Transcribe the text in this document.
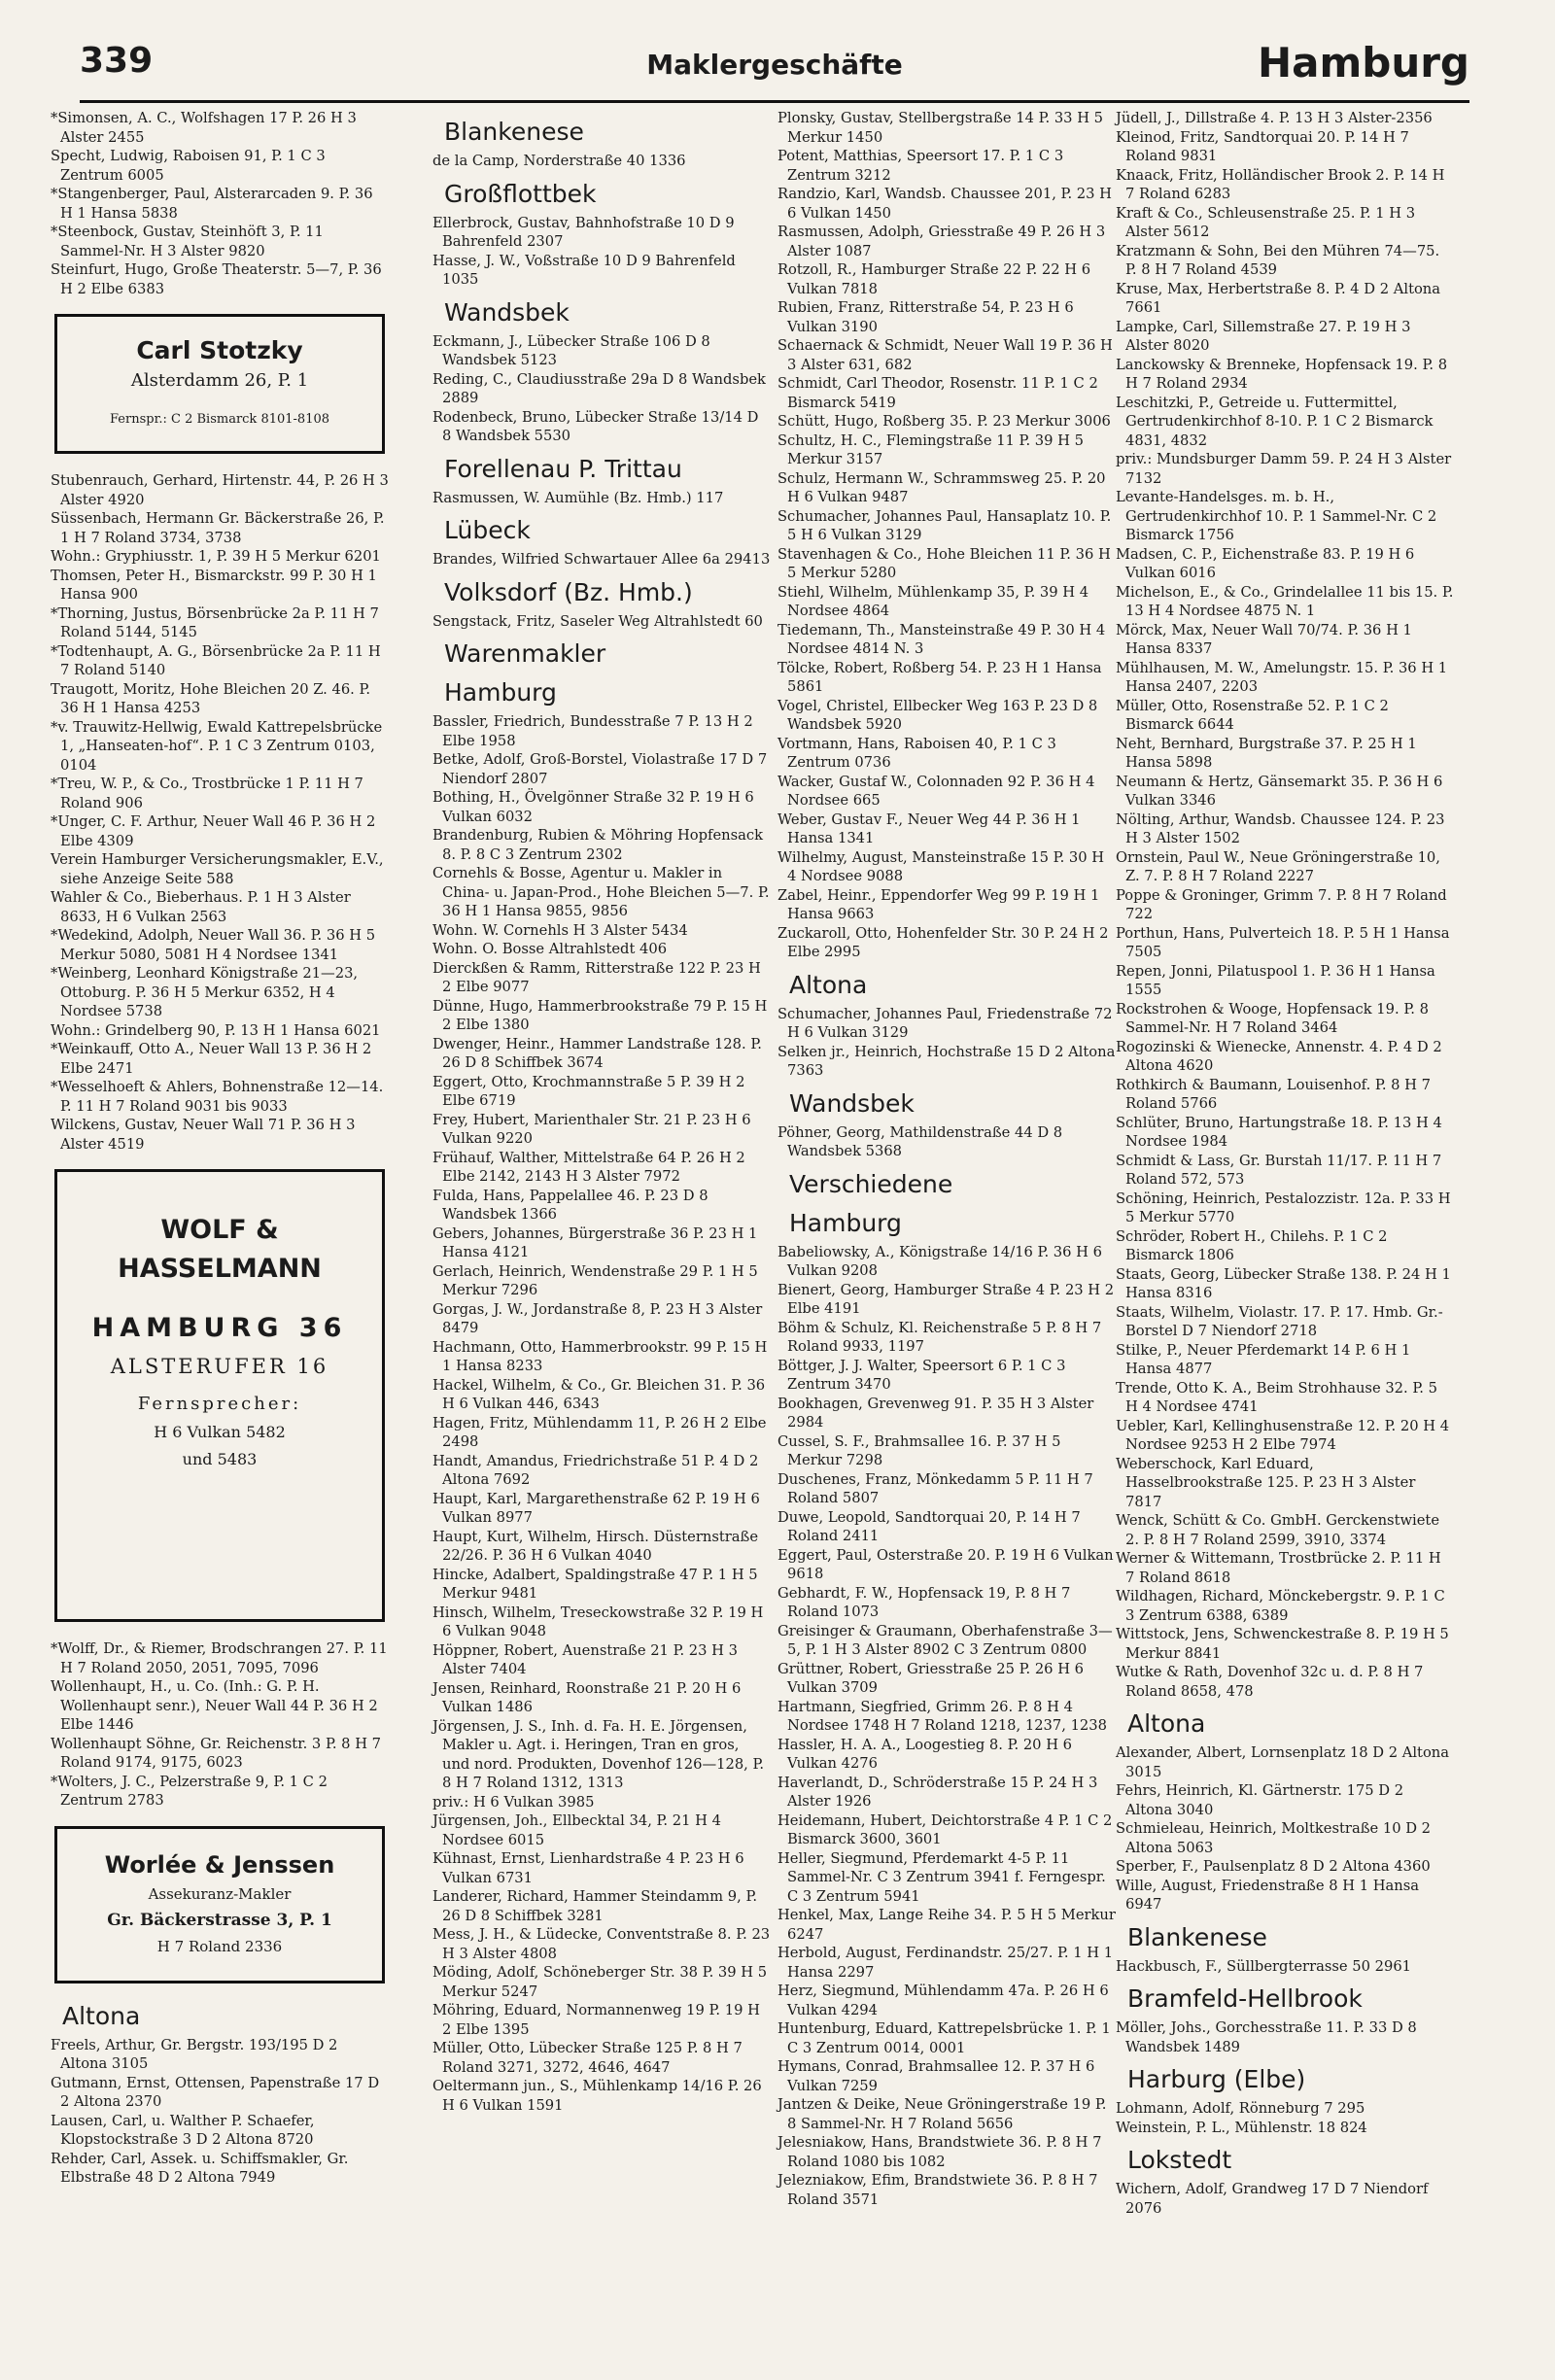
339	Maklergeschäfte	Hamburg
*Simonsen, A. C., Wolfshagen 17 P. 26 H 3 Alster 2455
Specht, Ludwig, Raboisen 91, P. 1 C 3 Zentrum 6005
*Stangenberger, Paul, Alsterarcaden 9. P. 36 H 1 Hansa 5838
*Steenbock, Gustav, Steinhöft 3, P. 11 Sammel-Nr. H 3 Alster 9820
Steinfurt, Hugo, Große Theaterstr. 5—7, P. 36 H 2 Elbe 6383
Carl Stotzky
Alsterdamm 26, P. 1
Fernspr.: C 2 Bismarck 8101-8108
Stubenrauch, Gerhard, Hirtenstr. 44, P. 26 H 3 Alster 4920
Süssenbach, Hermann Gr. Bäckerstraße 26, P. 1 H 7 Roland 3734, 3738
Wohn.: Gryphiusstr. 1, P. 39 H 5 Merkur 6201
Thomsen, Peter H., Bismarckstr. 99 P. 30 H 1 Hansa 900
*Thorning, Justus, Börsenbrücke 2a P. 11 H 7 Roland 5144, 5145
*Todtenhaupt, A. G., Börsenbrücke 2a P. 11 H 7 Roland 5140
Traugott, Moritz, Hohe Bleichen 20 Z. 46. P. 36 H 1 Hansa 4253
*v. Trauwitz-Hellwig, Ewald Kattrepelsbrücke 1, „Hanseaten-hof“. P. 1 C 3 Zentrum 0103, 0104
*Treu, W. P., & Co., Trostbrücke 1 P. 11 H 7 Roland 906
*Unger, C. F. Arthur, Neuer Wall 46 P. 36 H 2 Elbe 4309
Verein Hamburger Versicherungsmakler, E.V., siehe Anzeige Seite 588
Wahler & Co., Bieberhaus. P. 1 H 3 Alster 8633, H 6 Vulkan 2563
*Wedekind, Adolph, Neuer Wall 36. P. 36 H 5 Merkur 5080, 5081 H 4 Nordsee 1341
*Weinberg, Leonhard Königstraße 21—23, Ottoburg. P. 36 H 5 Merkur 6352, H 4 Nordsee 5738
Wohn.: Grindelberg 90, P. 13 H 1 Hansa 6021
*Weinkauff, Otto A., Neuer Wall 13 P. 36 H 2 Elbe 2471
*Wesselhoeft & Ahlers, Bohnenstraße 12—14. P. 11 H 7 Roland 9031 bis 9033
Wilckens, Gustav, Neuer Wall 71 P. 36 H 3 Alster 4519
WOLF & HASSELMANN
HAMBURG 36
ALSTERUFER 16
Fernsprecher:
H 6 Vulkan 5482
und 5483
*Wolff, Dr., & Riemer, Brodschrangen 27. P. 11 H 7 Roland 2050, 2051, 7095, 7096
Wollenhaupt, H., u. Co. (Inh.: G. P. H. Wollenhaupt senr.), Neuer Wall 44 P. 36 H 2 Elbe 1446
Wollenhaupt Söhne, Gr. Reichenstr. 3 P. 8 H 7 Roland 9174, 9175, 6023
*Wolters, J. C., Pelzerstraße 9, P. 1 C 2 Zentrum 2783
Worlée & Jenssen
Assekuranz-Makler
Gr. Bäckerstrasse 3, P. 1
H 7 Roland 2336
Altona
Freels, Arthur, Gr. Bergstr. 193/195 D 2 Altona 3105
Gutmann, Ernst, Ottensen, Papenstraße 17 D 2 Altona 2370
Lausen, Carl, u. Walther P. Schaefer, Klopstockstraße 3 D 2 Altona 8720
Rehder, Carl, Assek. u. Schiffsmakler, Gr. Elbstraße 48 D 2 Altona 7949
Blankenese
de la Camp, Norderstraße 40 1336
Großflottbek
Ellerbrock, Gustav, Bahnhofstraße 10 D 9 Bahrenfeld 2307
Hasse, J. W., Voßstraße 10 D 9 Bahrenfeld 1035
Wandsbek
Eckmann, J., Lübecker Straße 106 D 8 Wandsbek 5123
Reding, C., Claudiusstraße 29a D 8 Wandsbek 2889
Rodenbeck, Bruno, Lübecker Straße 13/14 D 8 Wandsbek 5530
Forellenau P. Trittau
Rasmussen, W. Aumühle (Bz. Hmb.) 117
Lübeck
Brandes, Wilfried Schwartauer Allee 6a 29413
Volksdorf (Bz. Hmb.)
Sengstack, Fritz, Saseler Weg Altrahlstedt 60
Warenmakler
Hamburg
Bassler, Friedrich, Bundesstraße 7 P. 13 H 2 Elbe 1958
Betke, Adolf, Groß-Borstel, Violastraße 17 D 7 Niendorf 2807
Bothing, H., Övelgönner Straße 32 P. 19 H 6 Vulkan 6032
Brandenburg, Rubien & Möhring Hopfensack 8. P. 8 C 3 Zentrum 2302
Cornehls & Bosse, Agentur u. Makler in China- u. Japan-Prod., Hohe Bleichen 5—7. P. 36 H 1 Hansa 9855, 9856
Wohn. W. Cornehls H 3 Alster 5434
Wohn. O. Bosse Altrahlstedt 406
Dierckßen & Ramm, Ritterstraße 122 P. 23 H 2 Elbe 9077
Dünne, Hugo, Hammerbrookstraße 79 P. 15 H 2 Elbe 1380
Dwenger, Heinr., Hammer Landstraße 128. P. 26 D 8 Schiffbek 3674
Eggert, Otto, Krochmannstraße 5 P. 39 H 2 Elbe 6719
Frey, Hubert, Marienthaler Str. 21 P. 23 H 6 Vulkan 9220
Frühauf, Walther, Mittelstraße 64 P. 26 H 2 Elbe 2142, 2143 H 3 Alster 7972
Fulda, Hans, Pappelallee 46. P. 23 D 8 Wandsbek 1366
Gebers, Johannes, Bürgerstraße 36 P. 23 H 1 Hansa 4121
Gerlach, Heinrich, Wendenstraße 29 P. 1 H 5 Merkur 7296
Gorgas, J. W., Jordanstraße 8, P. 23 H 3 Alster 8479
Hachmann, Otto, Hammerbrookstr. 99 P. 15 H 1 Hansa 8233
Hackel, Wilhelm, & Co., Gr. Bleichen 31. P. 36 H 6 Vulkan 446, 6343
Hagen, Fritz, Mühlendamm 11, P. 26 H 2 Elbe 2498
Handt, Amandus, Friedrichstraße 51 P. 4 D 2 Altona 7692
Haupt, Karl, Margarethenstraße 62 P. 19 H 6 Vulkan 8977
Haupt, Kurt, Wilhelm, Hirsch. Düsternstraße 22/26. P. 36 H 6 Vulkan 4040
Hincke, Adalbert, Spaldingstraße 47 P. 1 H 5 Merkur 9481
Hinsch, Wilhelm, Treseckowstraße 32 P. 19 H 6 Vulkan 9048
Höppner, Robert, Auenstraße 21 P. 23 H 3 Alster 7404
Jensen, Reinhard, Roonstraße 21 P. 20 H 6 Vulkan 1486
Jörgensen, J. S., Inh. d. Fa. H. E. Jörgensen, Makler u. Agt. i. Heringen, Tran en gros, und nord. Produkten, Dovenhof 126—128, P. 8 H 7 Roland 1312, 1313
priv.: H 6 Vulkan 3985
Jürgensen, Joh., Ellbecktal 34, P. 21 H 4 Nordsee 6015
Kühnast, Ernst, Lienhardstraße 4 P. 23 H 6 Vulkan 6731
Landerer, Richard, Hammer Steindamm 9, P. 26 D 8 Schiffbek 3281
Mess, J. H., & Lüdecke, Conventstraße 8. P. 23 H 3 Alster 4808
Möding, Adolf, Schöneberger Str. 38 P. 39 H 5 Merkur 5247
Möhring, Eduard, Normannenweg 19 P. 19 H 2 Elbe 1395
Müller, Otto, Lübecker Straße 125 P. 8 H 7 Roland 3271, 3272, 4646, 4647
Oeltermann jun., S., Mühlenkamp 14/16 P. 26 H 6 Vulkan 1591
Plonsky, Gustav, Stellbergstraße 14 P. 33 H 5 Merkur 1450
Potent, Matthias, Speersort 17. P. 1 C 3 Zentrum 3212
Randzio, Karl, Wandsb. Chaussee 201, P. 23 H 6 Vulkan 1450
Rasmussen, Adolph, Griesstraße 49 P. 26 H 3 Alster 1087
Rotzoll, R., Hamburger Straße 22 P. 22 H 6 Vulkan 7818
Rubien, Franz, Ritterstraße 54, P. 23 H 6 Vulkan 3190
Schaernack & Schmidt, Neuer Wall 19 P. 36 H 3 Alster 631, 682
Schmidt, Carl Theodor, Rosenstr. 11 P. 1 C 2 Bismarck 5419
Schütt, Hugo, Roßberg 35. P. 23 Merkur 3006
Schultz, H. C., Flemingstraße 11 P. 39 H 5 Merkur 3157
Schulz, Hermann W., Schrammsweg 25. P. 20 H 6 Vulkan 9487
Schumacher, Johannes Paul, Hansaplatz 10. P. 5 H 6 Vulkan 3129
Stavenhagen & Co., Hohe Bleichen 11 P. 36 H 5 Merkur 5280
Stiehl, Wilhelm, Mühlenkamp 35, P. 39 H 4 Nordsee 4864
Tiedemann, Th., Mansteinstraße 49 P. 30 H 4 Nordsee 4814 N. 3
Tölcke, Robert, Roßberg 54. P. 23 H 1 Hansa 5861
Vogel, Christel, Ellbecker Weg 163 P. 23 D 8 Wandsbek 5920
Vortmann, Hans, Raboisen 40, P. 1 C 3 Zentrum 0736
Wacker, Gustaf W., Colonnaden 92 P. 36 H 4 Nordsee 665
Weber, Gustav F., Neuer Weg 44 P. 36 H 1 Hansa 1341
Wilhelmy, August, Mansteinstraße 15 P. 30 H 4 Nordsee 9088
Zabel, Heinr., Eppendorfer Weg 99 P. 19 H 1 Hansa 9663
Zuckaroll, Otto, Hohenfelder Str. 30 P. 24 H 2 Elbe 2995
Altona
Schumacher, Johannes Paul, Friedenstraße 72 H 6 Vulkan 3129
Selken jr., Heinrich, Hochstraße 15 D 2 Altona 7363
Wandsbek
Pöhner, Georg, Mathildenstraße 44 D 8 Wandsbek 5368
Verschiedene
Hamburg
Babeliowsky, A., Königstraße 14/16 P. 36 H 6 Vulkan 9208
Bienert, Georg, Hamburger Straße 4 P. 23 H 2 Elbe 4191
Böhm & Schulz, Kl. Reichenstraße 5 P. 8 H 7 Roland 9933, 1197
Böttger, J. J. Walter, Speersort 6 P. 1 C 3 Zentrum 3470
Bookhagen, Grevenweg 91. P. 35 H 3 Alster 2984
Cussel, S. F., Brahmsallee 16. P. 37 H 5 Merkur 7298
Duschenes, Franz, Mönkedamm 5 P. 11 H 7 Roland 5807
Duwe, Leopold, Sandtorquai 20, P. 14 H 7 Roland 2411
Eggert, Paul, Osterstraße 20. P. 19 H 6 Vulkan 9618
Gebhardt, F. W., Hopfensack 19, P. 8 H 7 Roland 1073
Greisinger & Graumann, Oberhafenstraße 3—5, P. 1 H 3 Alster 8902 C 3 Zentrum 0800
Grüttner, Robert, Griesstraße 25 P. 26 H 6 Vulkan 3709
Hartmann, Siegfried, Grimm 26. P. 8 H 4 Nordsee 1748 H 7 Roland 1218, 1237, 1238
Hassler, H. A. A., Loogestieg 8. P. 20 H 6 Vulkan 4276
Haverlandt, D., Schröderstraße 15 P. 24 H 3 Alster 1926
Heidemann, Hubert, Deichtorstraße 4 P. 1 C 2 Bismarck 3600, 3601
Heller, Siegmund, Pferdemarkt 4-5 P. 11 Sammel-Nr. C 3 Zentrum 3941 f. Ferngespr. C 3 Zentrum 5941
Henkel, Max, Lange Reihe 34. P. 5 H 5 Merkur 6247
Herbold, August, Ferdinandstr. 25/27. P. 1 H 1 Hansa 2297
Herz, Siegmund, Mühlendamm 47a. P. 26 H 6 Vulkan 4294
Huntenburg, Eduard, Kattrepelsbrücke 1. P. 1 C 3 Zentrum 0014, 0001
Hymans, Conrad, Brahmsallee 12. P. 37 H 6 Vulkan 7259
Jantzen & Deike, Neue Gröningerstraße 19 P. 8 Sammel-Nr. H 7 Roland 5656
Jelesniakow, Hans, Brandstwiete 36. P. 8 H 7 Roland 1080 bis 1082
Jelezniakow, Efim, Brandstwiete 36. P. 8 H 7 Roland 3571
Jüdell, J., Dillstraße 4. P. 13 H 3 Alster-2356
Kleinod, Fritz, Sandtorquai 20. P. 14 H 7 Roland 9831
Knaack, Fritz, Holländischer Brook 2. P. 14 H 7 Roland 6283
Kraft & Co., Schleusenstraße 25. P. 1 H 3 Alster 5612
Kratzmann & Sohn, Bei den Mühren 74—75. P. 8 H 7 Roland 4539
Kruse, Max, Herbertstraße 8. P. 4 D 2 Altona 7661
Lampke, Carl, Sillemstraße 27. P. 19 H 3 Alster 8020
Lanckowsky & Brenneke, Hopfensack 19. P. 8 H 7 Roland 2934
Leschitzki, P., Getreide u. Futtermittel, Gertrudenkirchhof 8-10. P. 1 C 2 Bismarck 4831, 4832
priv.: Mundsburger Damm 59. P. 24 H 3 Alster 7132
Levante-Handelsges. m. b. H., Gertrudenkirchhof 10. P. 1 Sammel-Nr. C 2 Bismarck 1756
Madsen, C. P., Eichenstraße 83. P. 19 H 6 Vulkan 6016
Michelson, E., & Co., Grindelallee 11 bis 15. P. 13 H 4 Nordsee 4875 N. 1
Mörck, Max, Neuer Wall 70/74. P. 36 H 1 Hansa 8337
Mühlhausen, M. W., Amelungstr. 15. P. 36 H 1 Hansa 2407, 2203
Müller, Otto, Rosenstraße 52. P. 1 C 2 Bismarck 6644
Neht, Bernhard, Burgstraße 37. P. 25 H 1 Hansa 5898
Neumann & Hertz, Gänsemarkt 35. P. 36 H 6 Vulkan 3346
Nölting, Arthur, Wandsb. Chaussee 124. P. 23 H 3 Alster 1502
Ornstein, Paul W., Neue Gröningerstraße 10, Z. 7. P. 8 H 7 Roland 2227
Poppe & Groninger, Grimm 7. P. 8 H 7 Roland 722
Porthun, Hans, Pulverteich 18. P. 5 H 1 Hansa 7505
Repen, Jonni, Pilatuspool 1. P. 36 H 1 Hansa 1555
Rockstrohen & Wooge, Hopfensack 19. P. 8 Sammel-Nr. H 7 Roland 3464
Rogozinski & Wienecke, Annenstr. 4. P. 4 D 2 Altona 4620
Rothkirch & Baumann, Louisenhof. P. 8 H 7 Roland 5766
Schlüter, Bruno, Hartungstraße 18. P. 13 H 4 Nordsee 1984
Schmidt & Lass, Gr. Burstah 11/17. P. 11 H 7 Roland 572, 573
Schöning, Heinrich, Pestalozzistr. 12a. P. 33 H 5 Merkur 5770
Schröder, Robert H., Chilehs. P. 1 C 2 Bismarck 1806
Staats, Georg, Lübecker Straße 138. P. 24 H 1 Hansa 8316
Staats, Wilhelm, Violastr. 17. P. 17. Hmb. Gr.-Borstel D 7 Niendorf 2718
Stilke, P., Neuer Pferdemarkt 14 P. 6 H 1 Hansa 4877
Trende, Otto K. A., Beim Strohhause 32. P. 5 H 4 Nordsee 4741
Uebler, Karl, Kellinghusenstraße 12. P. 20 H 4 Nordsee 9253 H 2 Elbe 7974
Weberschock, Karl Eduard, Hasselbrookstraße 125. P. 23 H 3 Alster 7817
Wenck, Schütt & Co. GmbH. Gerckenstwiete 2. P. 8 H 7 Roland 2599, 3910, 3374
Werner & Wittemann, Trostbrücke 2. P. 11 H 7 Roland 8618
Wildhagen, Richard, Mönckebergstr. 9. P. 1 C 3 Zentrum 6388, 6389
Wittstock, Jens, Schwenckestraße 8. P. 19 H 5 Merkur 8841
Wutke & Rath, Dovenhof 32c u. d. P. 8 H 7 Roland 8658, 478
Altona
Alexander, Albert, Lornsenplatz 18 D 2 Altona 3015
Fehrs, Heinrich, Kl. Gärtnerstr. 175 D 2 Altona 3040
Schmieleau, Heinrich, Moltkestraße 10 D 2 Altona 5063
Sperber, F., Paulsenplatz 8 D 2 Altona 4360
Wille, August, Friedenstraße 8 H 1 Hansa 6947
Blankenese
Hackbusch, F., Süllbergterrasse 50 2961
Bramfeld-Hellbrook
Möller, Johs., Gorchesstraße 11. P. 33 D 8 Wandsbek 1489
Harburg (Elbe)
Lohmann, Adolf, Rönneburg 7 295
Weinstein, P. L., Mühlenstr. 18 824
Lokstedt
Wichern, Adolf, Grandweg 17 D 7 Niendorf 2076
